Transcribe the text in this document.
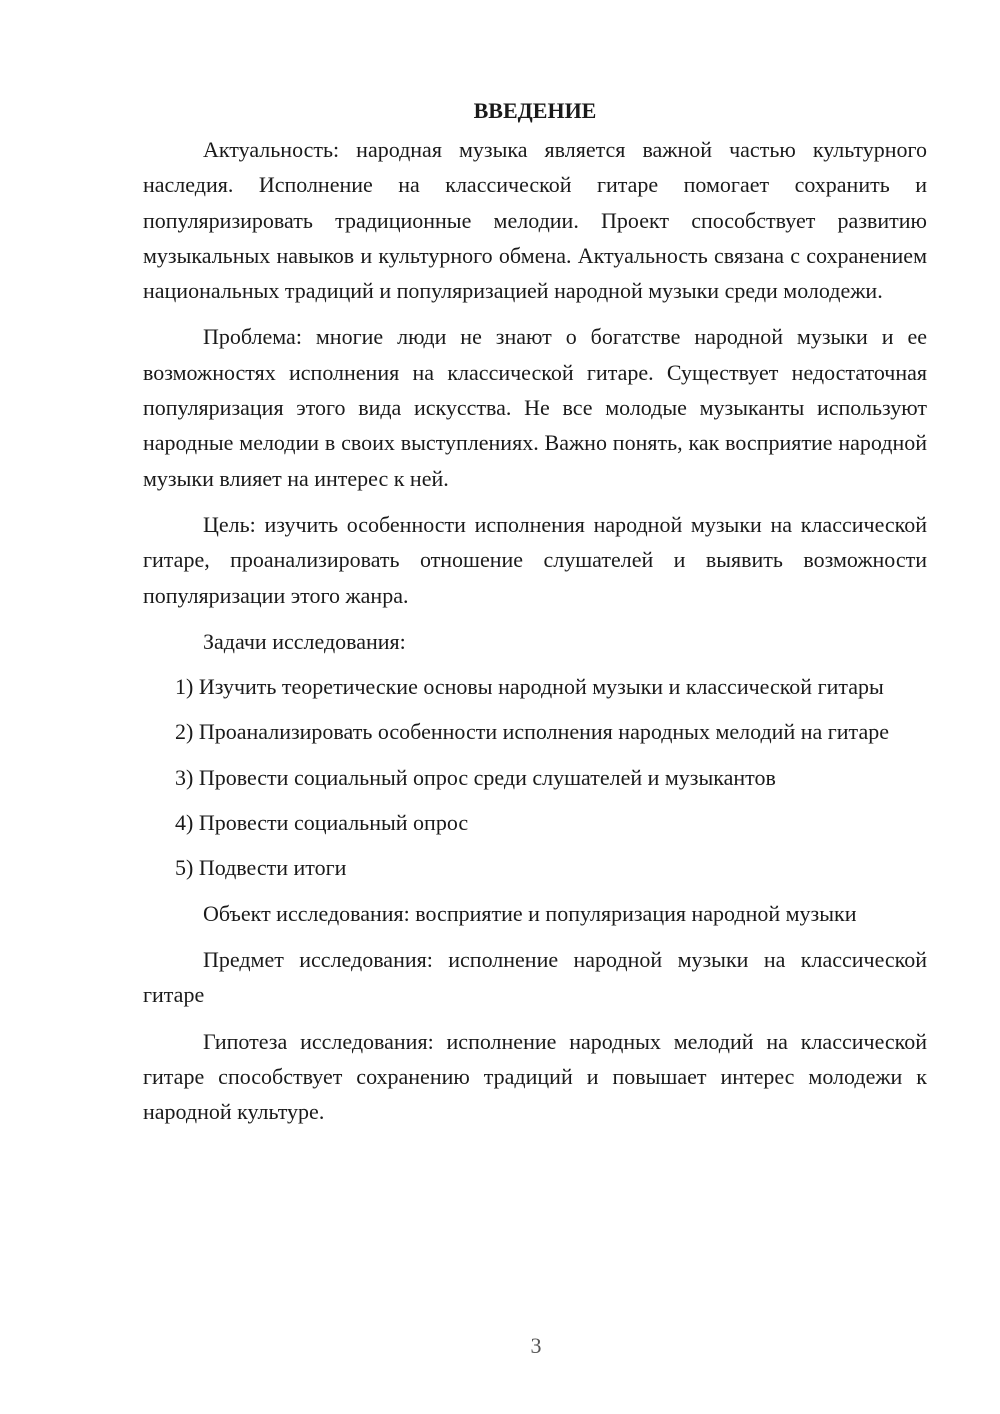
ВВЕДЕНИЕ

Актуальность: народная музыка является важной частью культурного наследия. Исполнение на классической гитаре помогает сохранить и популяризировать традиционные мелодии. Проект способствует развитию музыкальных навыков и культурного обмена. Актуальность связана с сохранением национальных традиций и популяризацией народной музыки среди молодежи.

Проблема: многие люди не знают о богатстве народной музыки и ее возможностях исполнения на классической гитаре. Существует недостаточная популяризация этого вида искусства. Не все молодые музыканты используют народные мелодии в своих выступлениях. Важно понять, как восприятие народной музыки влияет на интерес к ней.

Цель: изучить особенности исполнения народной музыки на классической гитаре, проанализировать отношение слушателей и выявить возможности популяризации этого жанра.

Задачи исследования:

1) Изучить теоретические основы народной музыки и классической гитары

2) Проанализировать особенности исполнения народных мелодий на гитаре

3) Провести социальный опрос среди слушателей и музыкантов

4) Провести социальный опрос

5) Подвести итоги

Объект исследования: восприятие и популяризация народной музыки

Предмет исследования: исполнение народной музыки на классической гитаре

Гипотеза исследования: исполнение народных мелодий на классической гитаре способствует сохранению традиций и повышает интерес молодежи к народной культуре.

3
